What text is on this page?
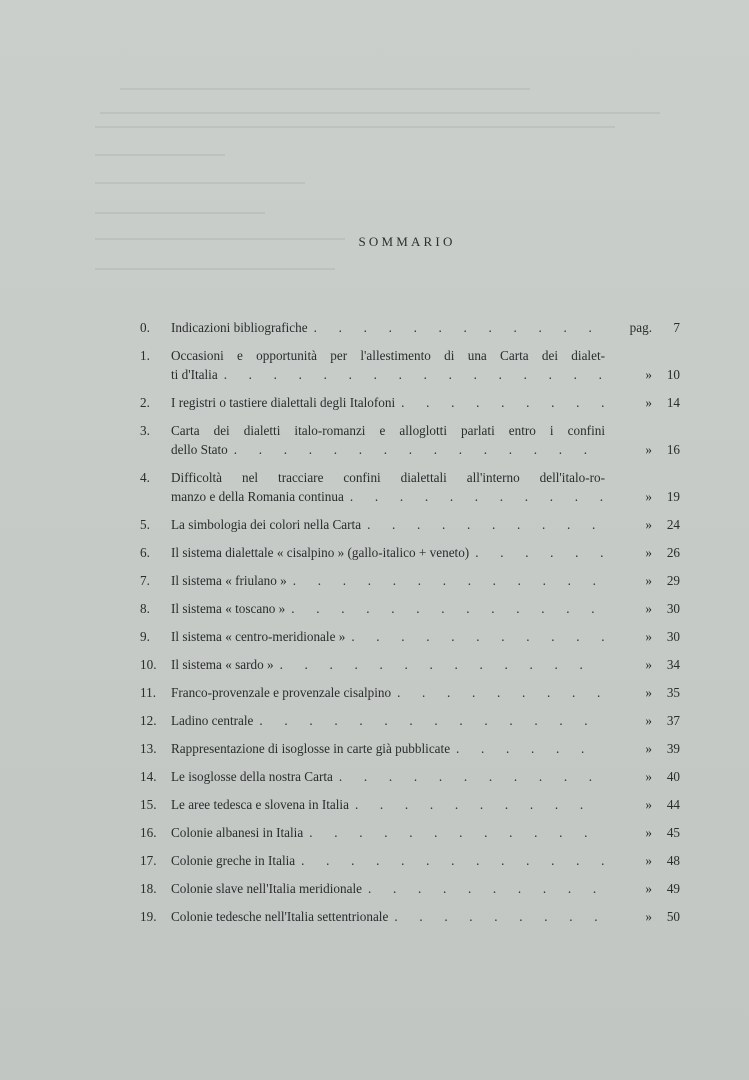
SOMMARIO
0.	Indicazioni bibliografiche . . .	pag.	7
1.	Occasioni e opportunità per l'allestimento di una Carta dei dialet-
ti d'Italia . . .	»	10
2.	I registri o tastiere dialettali degli Italofoni . . .	»	14
3.	Carta dei dialetti italo-romanzi e alloglotti parlati entro i confini
dello Stato . . .	»	16
4.	Difficoltà nel tracciare confini dialettali all'interno dell'italo-ro-
manzo e della Romania continua . . .	»	19
5.	La simbologia dei colori nella Carta . . .	»	24
6.	Il sistema dialettale « cisalpino » (gallo-italico + veneto) . . .	»	26
7.	Il sistema « friulano » . . .	»	29
8.	Il sistema « toscano » . . .	»	30
9.	Il sistema « centro-meridionale » . . .	»	30
10.	Il sistema « sardo » . . .	»	34
11.	Franco-provenzale e provenzale cisalpino . . .	»	35
12.	Ladino centrale . . .	»	37
13.	Rappresentazione di isoglosse in carte già pubblicate . . .	»	39
14.	Le isoglosse della nostra Carta . . .	»	40
15.	Le aree tedesca e slovena in Italia . . .	»	44
16.	Colonie albanesi in Italia . . .	»	45
17.	Colonie greche in Italia . . .	»	48
18.	Colonie slave nell'Italia meridionale . . .	»	49
19.	Colonie tedesche nell'Italia settentrionale . . .	»	50
